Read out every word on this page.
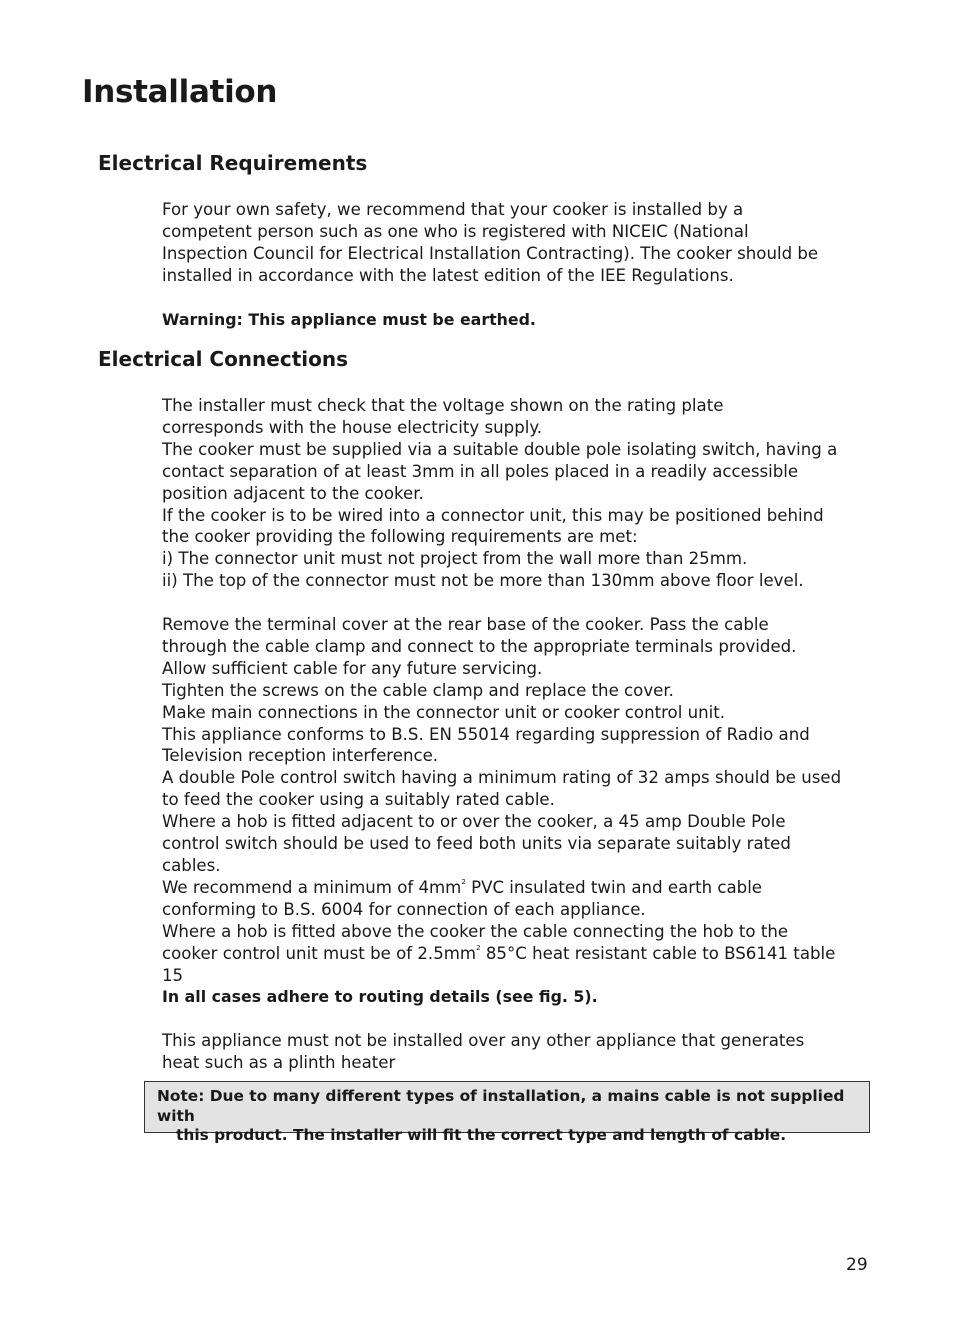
Installation
Electrical Requirements

For your own safety, we recommend that your cooker is installed by a

competent person such as one who is registered with NICEIC (National

Inspection Council for Electrical Installation Contracting). The cooker should be

installed in accordance with the latest edition of the IEE Regulations.

Warning: This appliance must be earthed.

Electrical Connections

The installer must check that the voltage shown on the rating plate

corresponds with the house electricity supply.

The cooker must be supplied via a suitable double pole isolating switch, having a

contact separation of at least 3mm in all poles placed in a readily accessible

position adjacent to the cooker.

If the cooker is to be wired into a connector unit, this may be positioned behind

the cooker providing the following requirements are met:

i) The connector unit must not project from the wall more than 25mm.

ii) The top of the connector must not be more than 130mm above floor level.

Remove the terminal cover at the rear base of the cooker. Pass the cable

through the cable clamp and connect to the appropriate terminals provided.

Allow sufficient cable for any future servicing.

Tighten the screws on the cable clamp and replace the cover.

Make main connections in the connector unit or cooker control unit.

This appliance conforms to B.S. EN 55014 regarding suppression of Radio and

Television reception interference.

A double Pole control switch having a minimum rating of 32 amps should be used

to feed the cooker using a suitably rated cable.

Where a hob is fitted adjacent to or over the cooker, a 45 amp Double Pole

control switch should be used to feed both units via separate suitably rated

cables.

We recommend a minimum of $4mm^2$ PVC insulated twin and earth cable

conforming to B.S. 6004 for connection of each appliance.

Where a hob is fitted above the cooker the cable connecting the hob to the

cooker control unit must be of $2.5mm^2$ 85°C heat resistant cable to BS6141 table

15

In all cases adhere to routing details (see fig. 5).

This appliance must not be installed over any other appliance that generates

heat such as a plinth heater

Note: Due to many different types of installation, a mains cable is not supplied with
this product. The installer will fit the correct type and length of cable.
29
